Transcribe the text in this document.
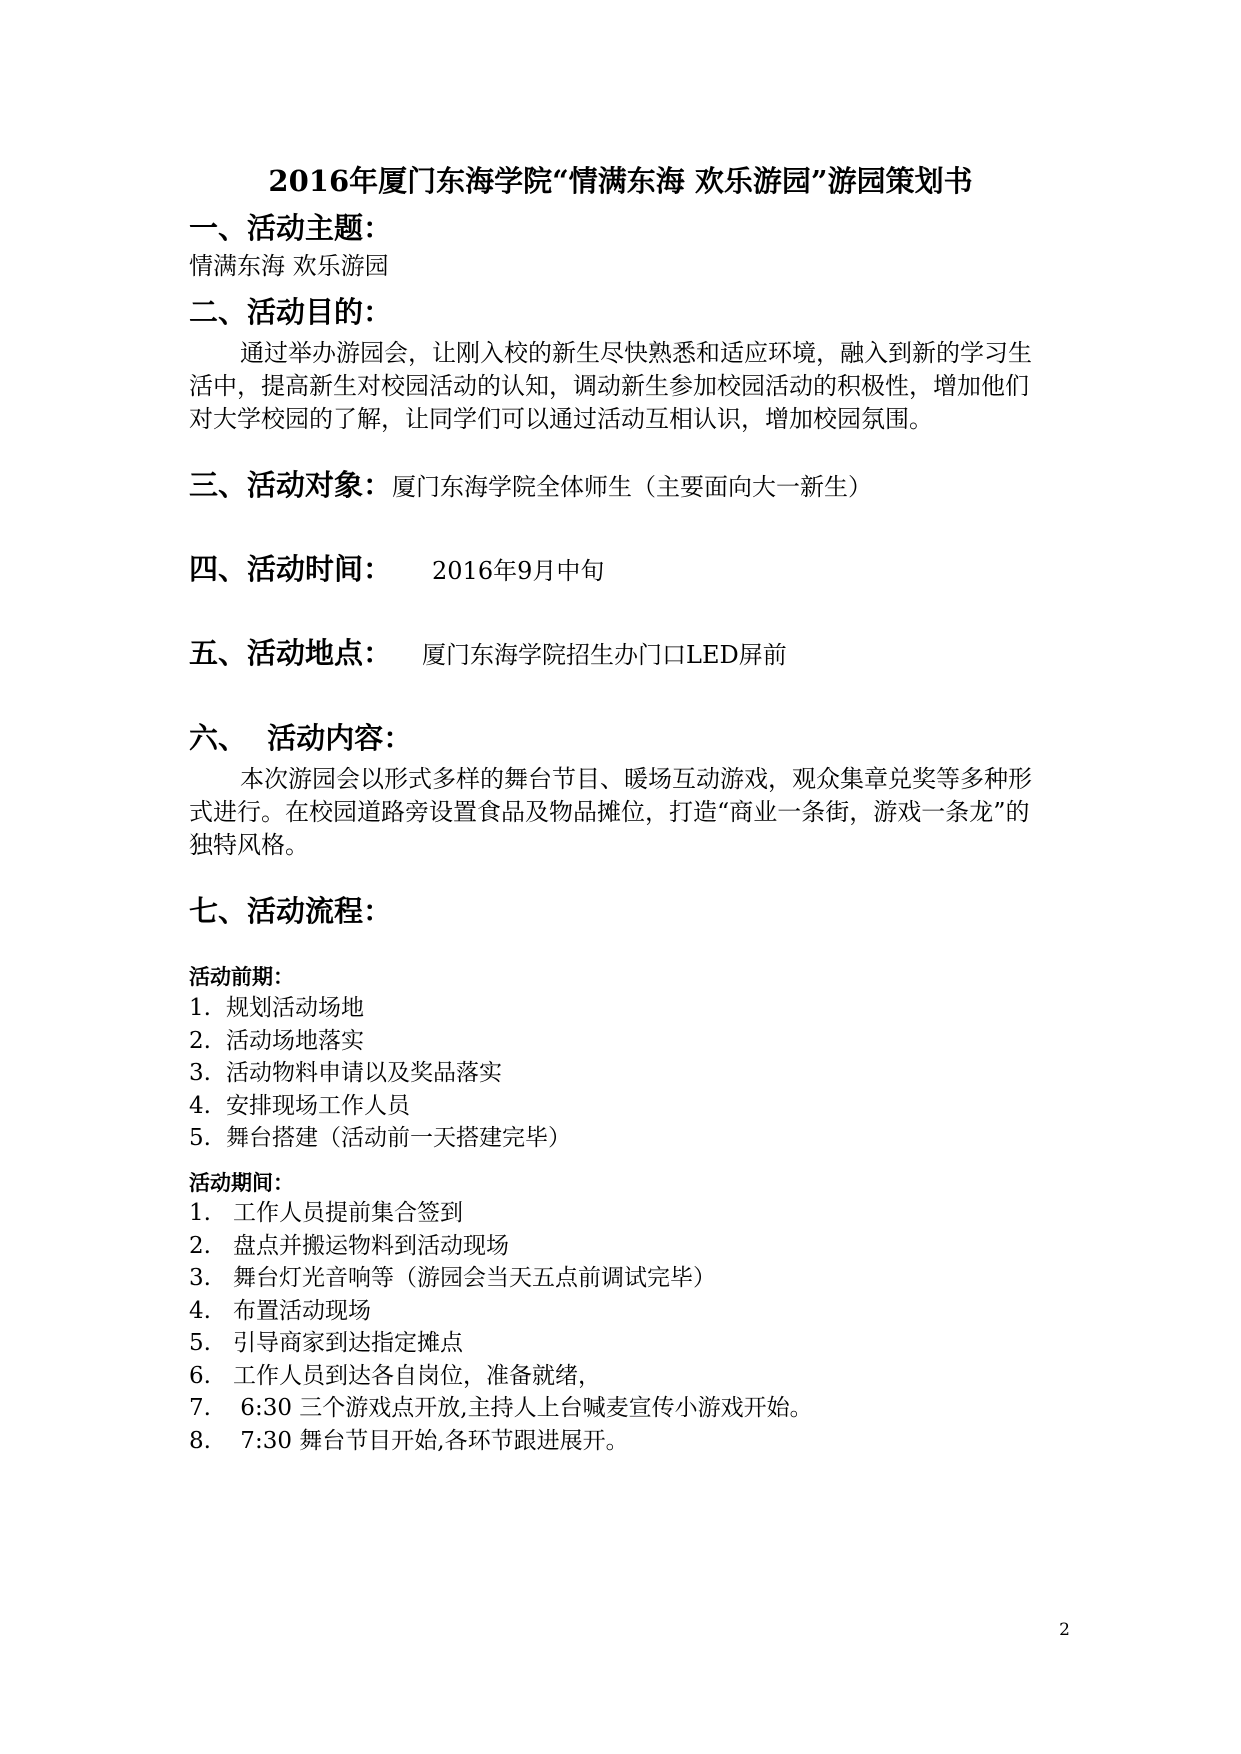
2016年厦门东海学院“情满东海 欢乐游园”游园策划书
一、活动主题：
情满东海 欢乐游园
二、活动目的：
通过举办游园会，让刚入校的新生尽快熟悉和适应环境，融入到新的学习生活中，提高新生对校园活动的认知，调动新生参加校园活动的积极性，增加他们对大学校园的了解，让同学们可以通过活动互相认识，增加校园氛围。
三、活动对象：厦门东海学院全体师生（主要面向大一新生）
四、活动时间： 2016年9月中旬
五、活动地点： 厦门东海学院招生办门口LED屏前
六、  活动内容：
本次游园会以形式多样的舞台节目、暖场互动游戏，观众集章兑奖等多种形式进行。在校园道路旁设置食品及物品摊位，打造“商业一条街，游戏一条龙”的独特风格。
七、活动流程：
活动前期：
1. 规划活动场地
2. 活动场地落实
3. 活动物料申请以及奖品落实
4. 安排现场工作人员
5. 舞台搭建（活动前一天搭建完毕）
活动期间：
1. 工作人员提前集合签到
2. 盘点并搬运物料到活动现场
3. 舞台灯光音响等（游园会当天五点前调试完毕）
4. 布置活动现场
5. 引导商家到达指定摊点
6. 工作人员到达各自岗位，准备就绪，
7. 6:30 三个游戏点开放,主持人上台喊麦宣传小游戏开始。
8. 7:30 舞台节目开始,各环节跟进展开。
2
